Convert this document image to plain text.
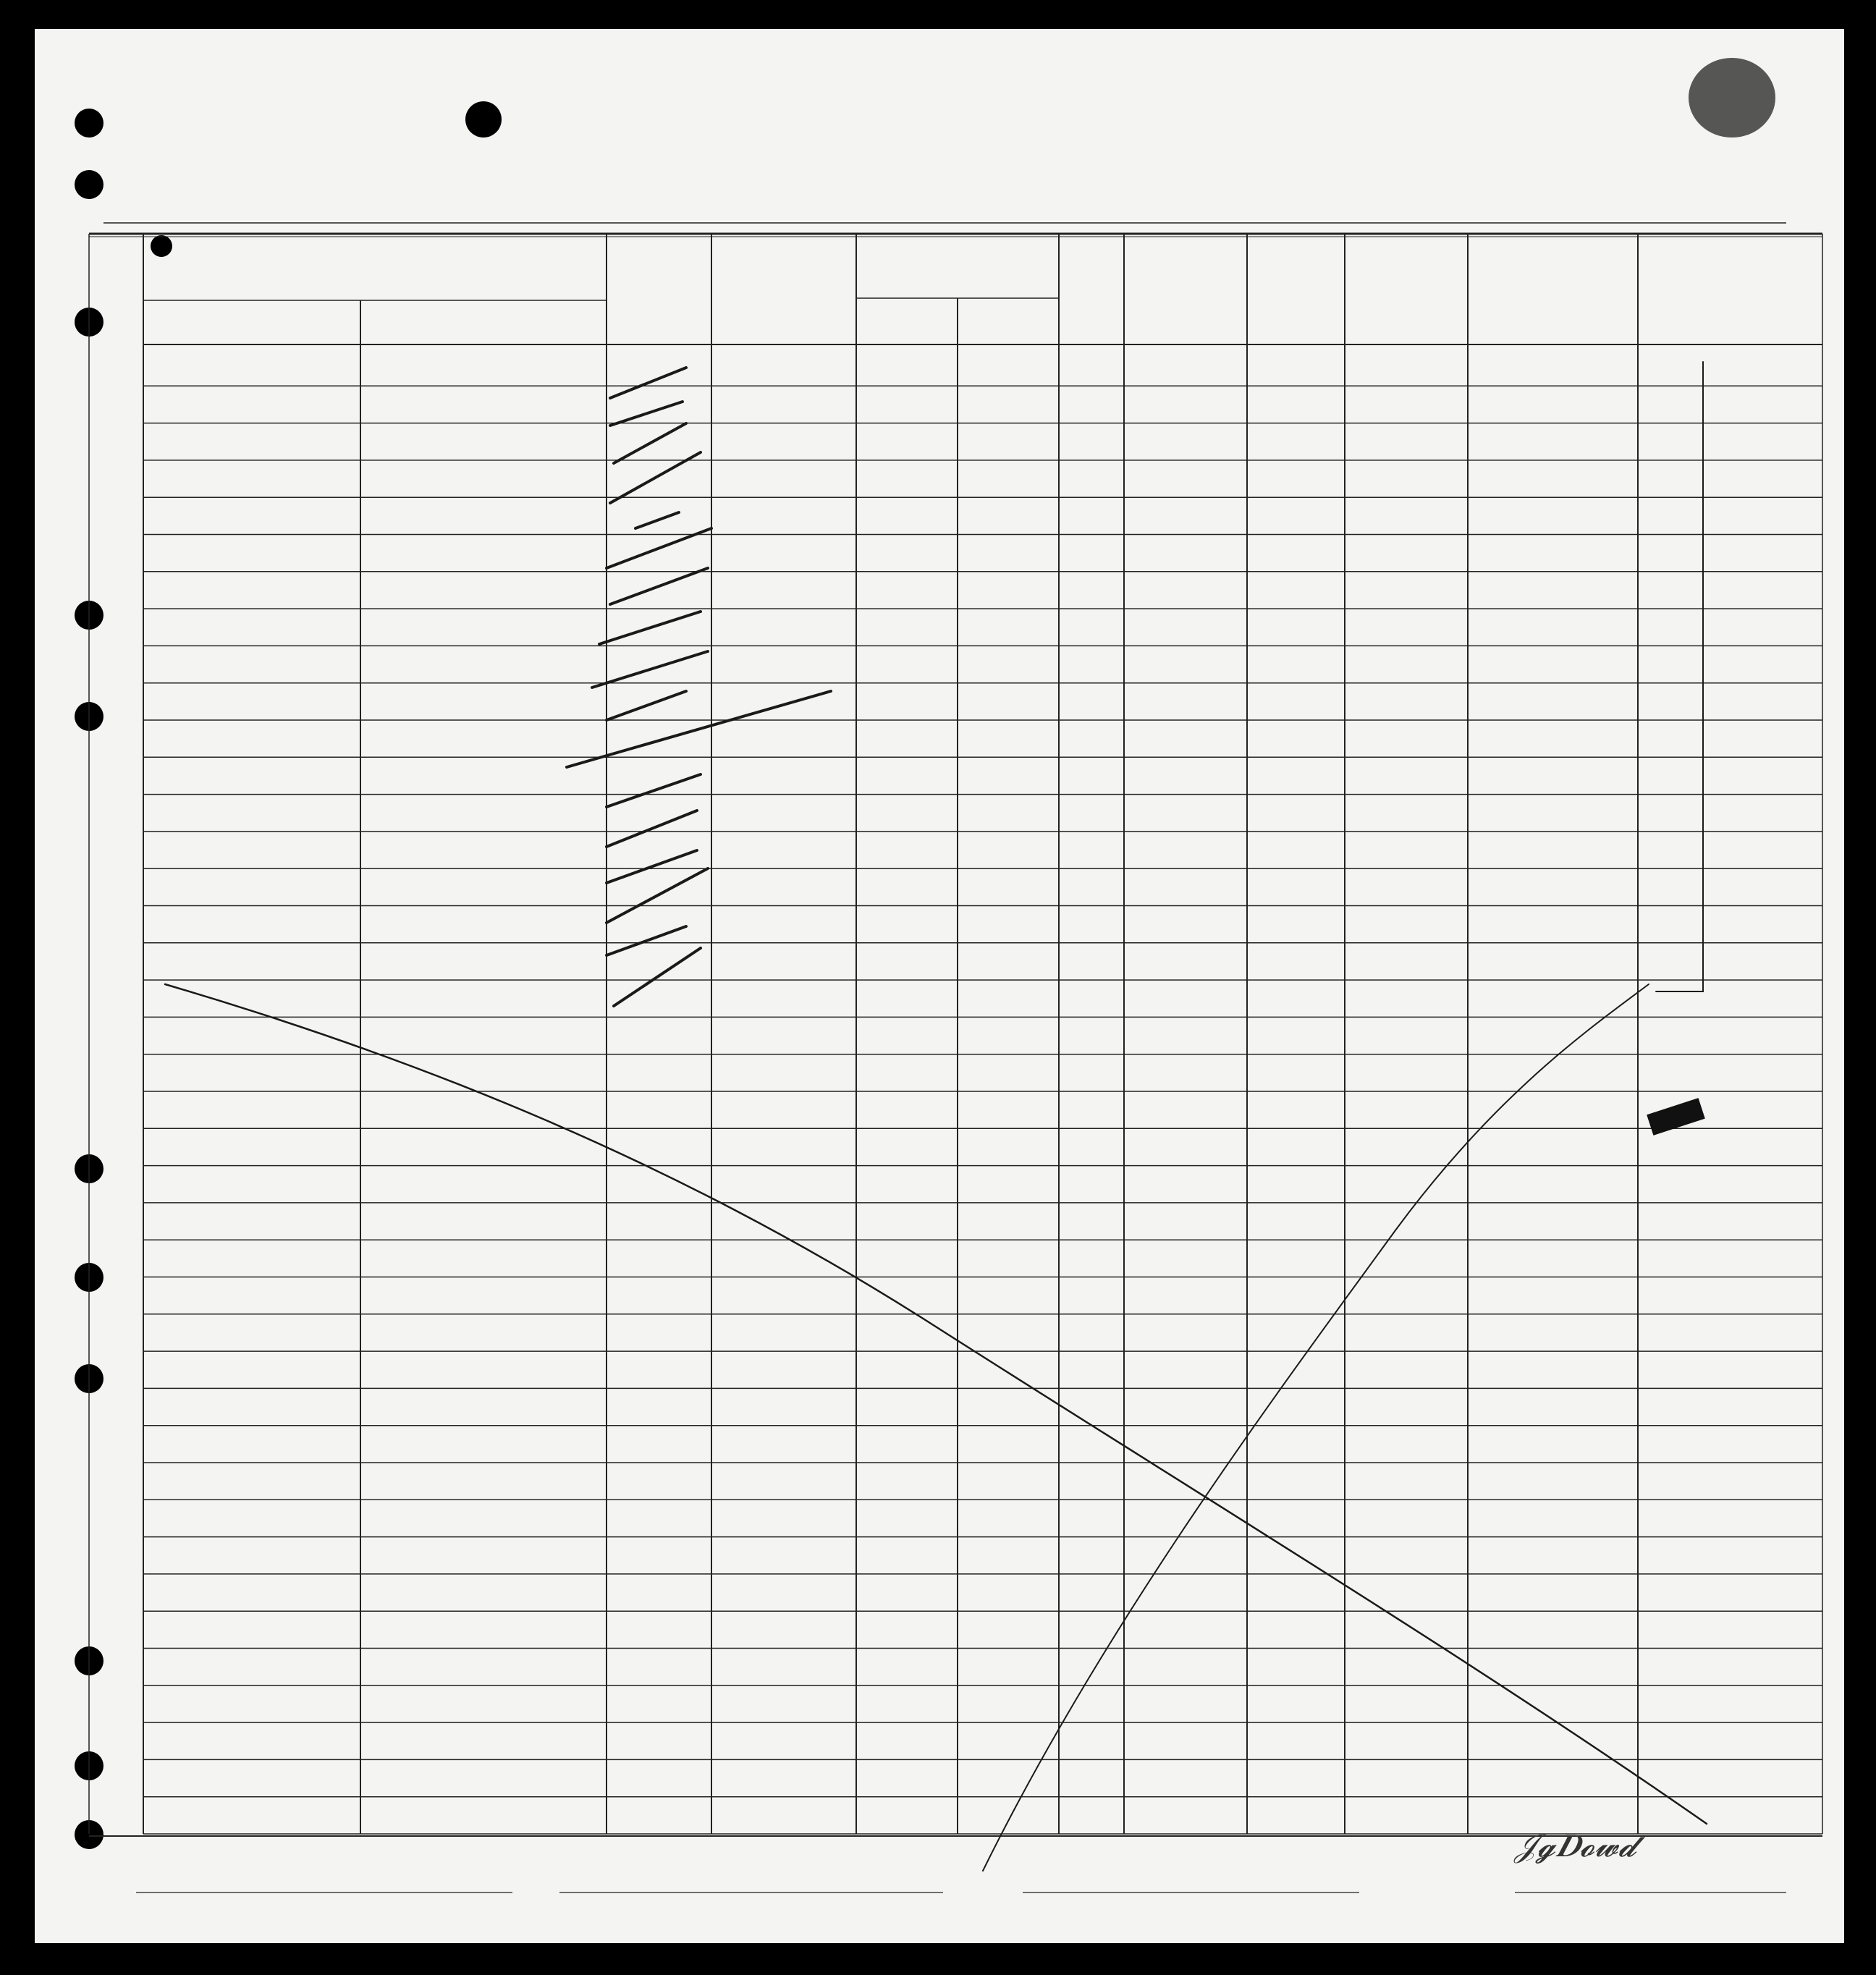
𝒥𝓰𝑫𝓸𝔀𝓭
